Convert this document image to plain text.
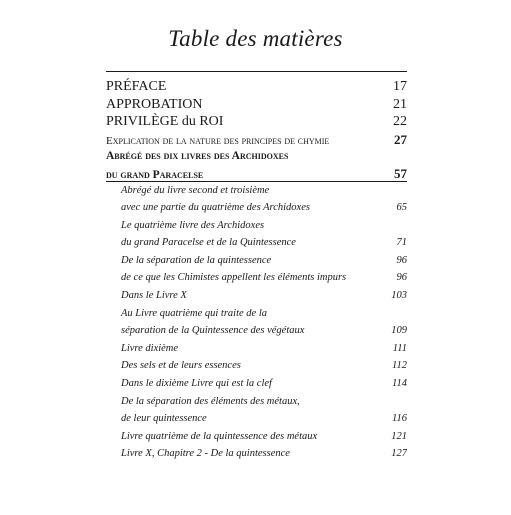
Table des matières
PRÉFACE	17
APPROBATION	21
PRIVILÈGE du ROI	22
Explication de la nature des principes de chymie	27
Abrégé des dix livres des Archidoxes
du grand Paracelse	57
Abrégé du livre second et troisième
avec une partie du quatrième des Archidoxes	65
Le quatrième livre des Archidoxes
du grand Paracelse et de la Quintessence	71
De la séparation de la quintessence	96
de ce que les Chimistes appellent les éléments impurs	96
Dans le Livre X	103
Au Livre quatrième qui traite de la
séparation de la Quintessence des végétaux	109
Livre dixième	111
Des sels et de leurs essences	112
Dans le dixième Livre qui est la clef	114
De la séparation des éléments des métaux,
de leur quintessence	116
Livre quatrième de la quintessence des métaux	121
Livre X, Chapitre 2 - De la quintessence	127
